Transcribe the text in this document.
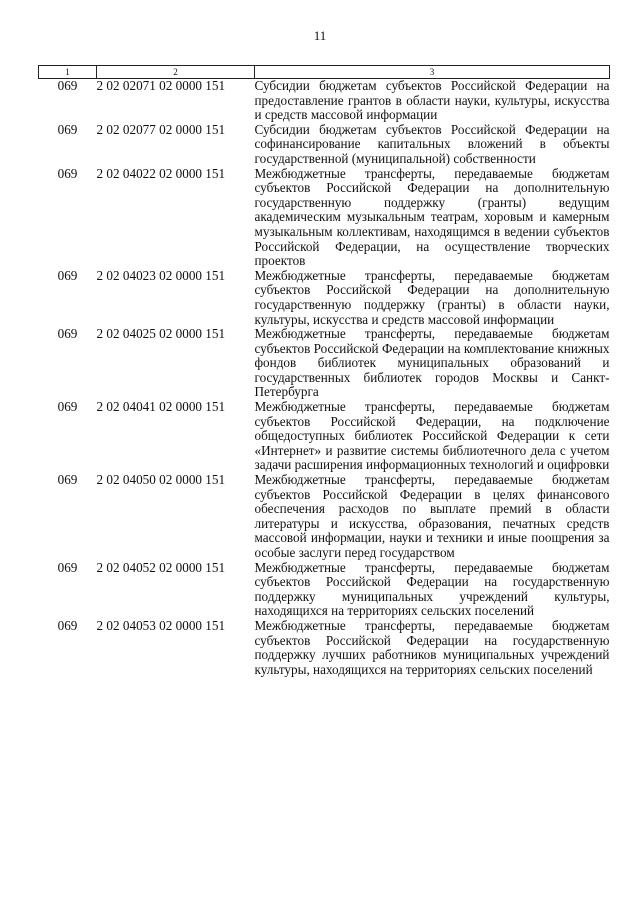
11
1	2	3
069	2 02 02071 02 0000 151	Субсидии бюджетам субъектов Российской Федерации на предоставление грантов в области науки, культуры, искусства и средств массовой информации
069	2 02 02077 02 0000 151	Субсидии бюджетам субъектов Российской Федерации на софинансирование капитальных вложений в объекты государственной (муниципальной) собственности
069	2 02 04022 02 0000 151	Межбюджетные трансферты, передаваемые бюджетам субъектов Российской Федерации на дополнительную государственную поддержку (гранты) ведущим академическим музыкальным театрам, хоровым и камерным музыкальным коллективам, находящимся в ведении субъектов Российской Федерации, на осуществление творческих проектов
069	2 02 04023 02 0000 151	Межбюджетные трансферты, передаваемые бюджетам субъектов Российской Федерации на дополнительную государственную поддержку (гранты) в области науки, культуры, искусства и средств массовой информации
069	2 02 04025 02 0000 151	Межбюджетные трансферты, передаваемые бюджетам субъектов Российской Федерации на комплектование книжных фондов библиотек муниципальных образований и государственных библиотек городов Москвы и Санкт-Петербурга
069	2 02 04041 02 0000 151	Межбюджетные трансферты, передаваемые бюджетам субъектов Российской Федерации, на подключение общедоступных библиотек Российской Федерации к сети «Интернет» и развитие системы библиотечного дела с учетом задачи расширения информационных технологий и оцифровки
069	2 02 04050 02 0000 151	Межбюджетные трансферты, передаваемые бюджетам субъектов Российской Федерации в целях финансового обеспечения расходов по выплате премий в области литературы и искусства, образования, печатных средств массовой информации, науки и техники и иные поощрения за особые заслуги перед государством
069	2 02 04052 02 0000 151	Межбюджетные трансферты, передаваемые бюджетам субъектов Российской Федерации на государственную поддержку муниципальных учреждений культуры, находящихся на территориях сельских поселений
069	2 02 04053 02 0000 151	Межбюджетные трансферты, передаваемые бюджетам субъектов Российской Федерации на государственную поддержку лучших работников муниципальных учреждений культуры, находящихся на территориях сельских поселений
